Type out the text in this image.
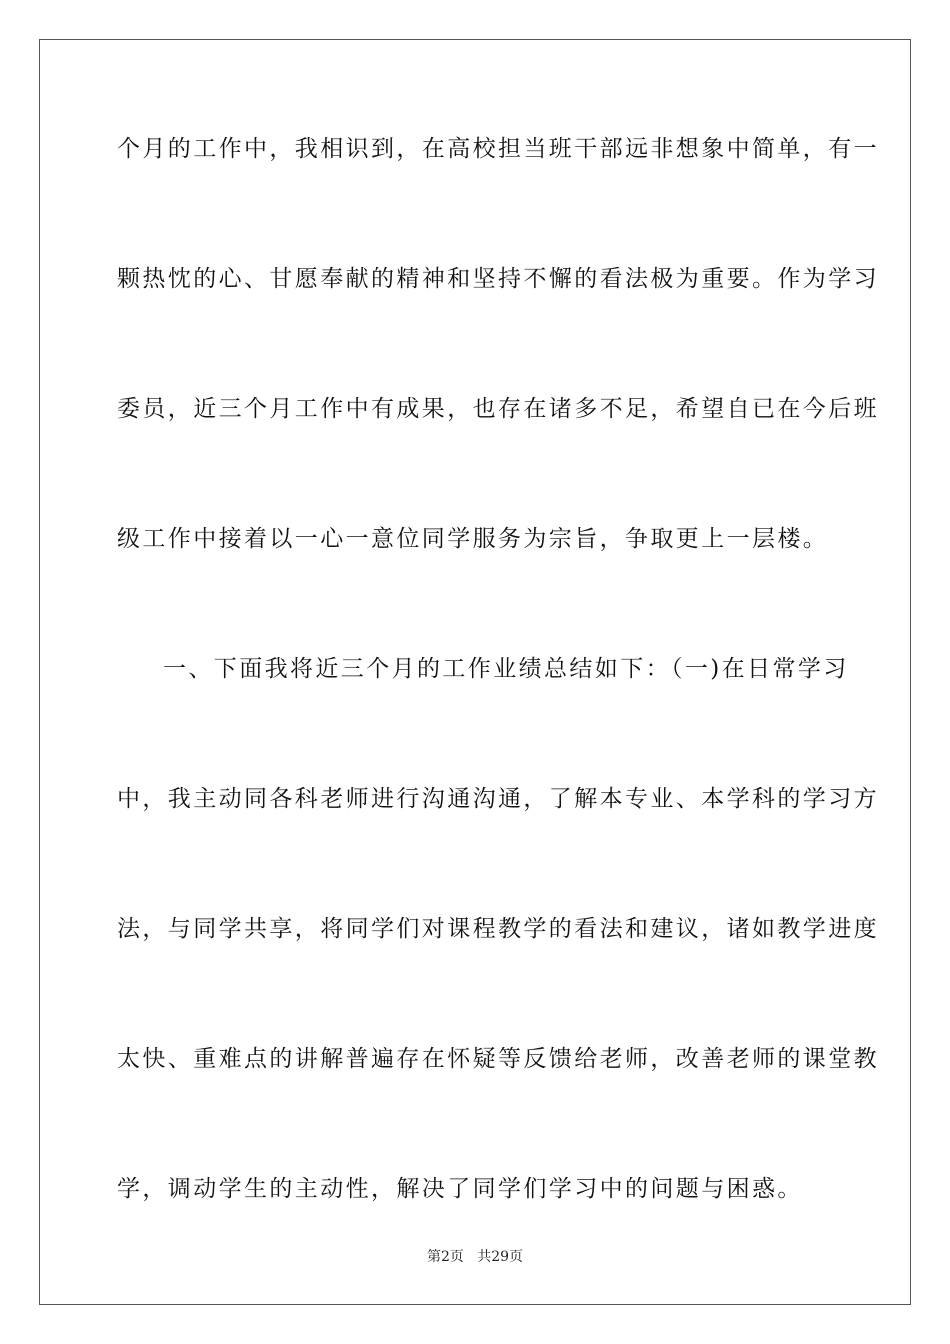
个月的工作中，我相识到，在高校担当班干部远非想象中简单，有一
颗热忱的心、甘愿奉献的精神和坚持不懈的看法极为重要。作为学习
委员，近三个月工作中有成果，也存在诸多不足，希望自已在今后班
级工作中接着以一心一意位同学服务为宗旨，争取更上一层楼。
一、下面我将近三个月的工作业绩总结如下：（一)在日常学习
中，我主动同各科老师进行沟通沟通，了解本专业、本学科的学习方
法，与同学共享，将同学们对课程教学的看法和建议，诸如教学进度
太快、重难点的讲解普遍存在怀疑等反馈给老师，改善老师的课堂教
学，调动学生的主动性，解决了同学们学习中的问题与困惑。
第2页   共29页
